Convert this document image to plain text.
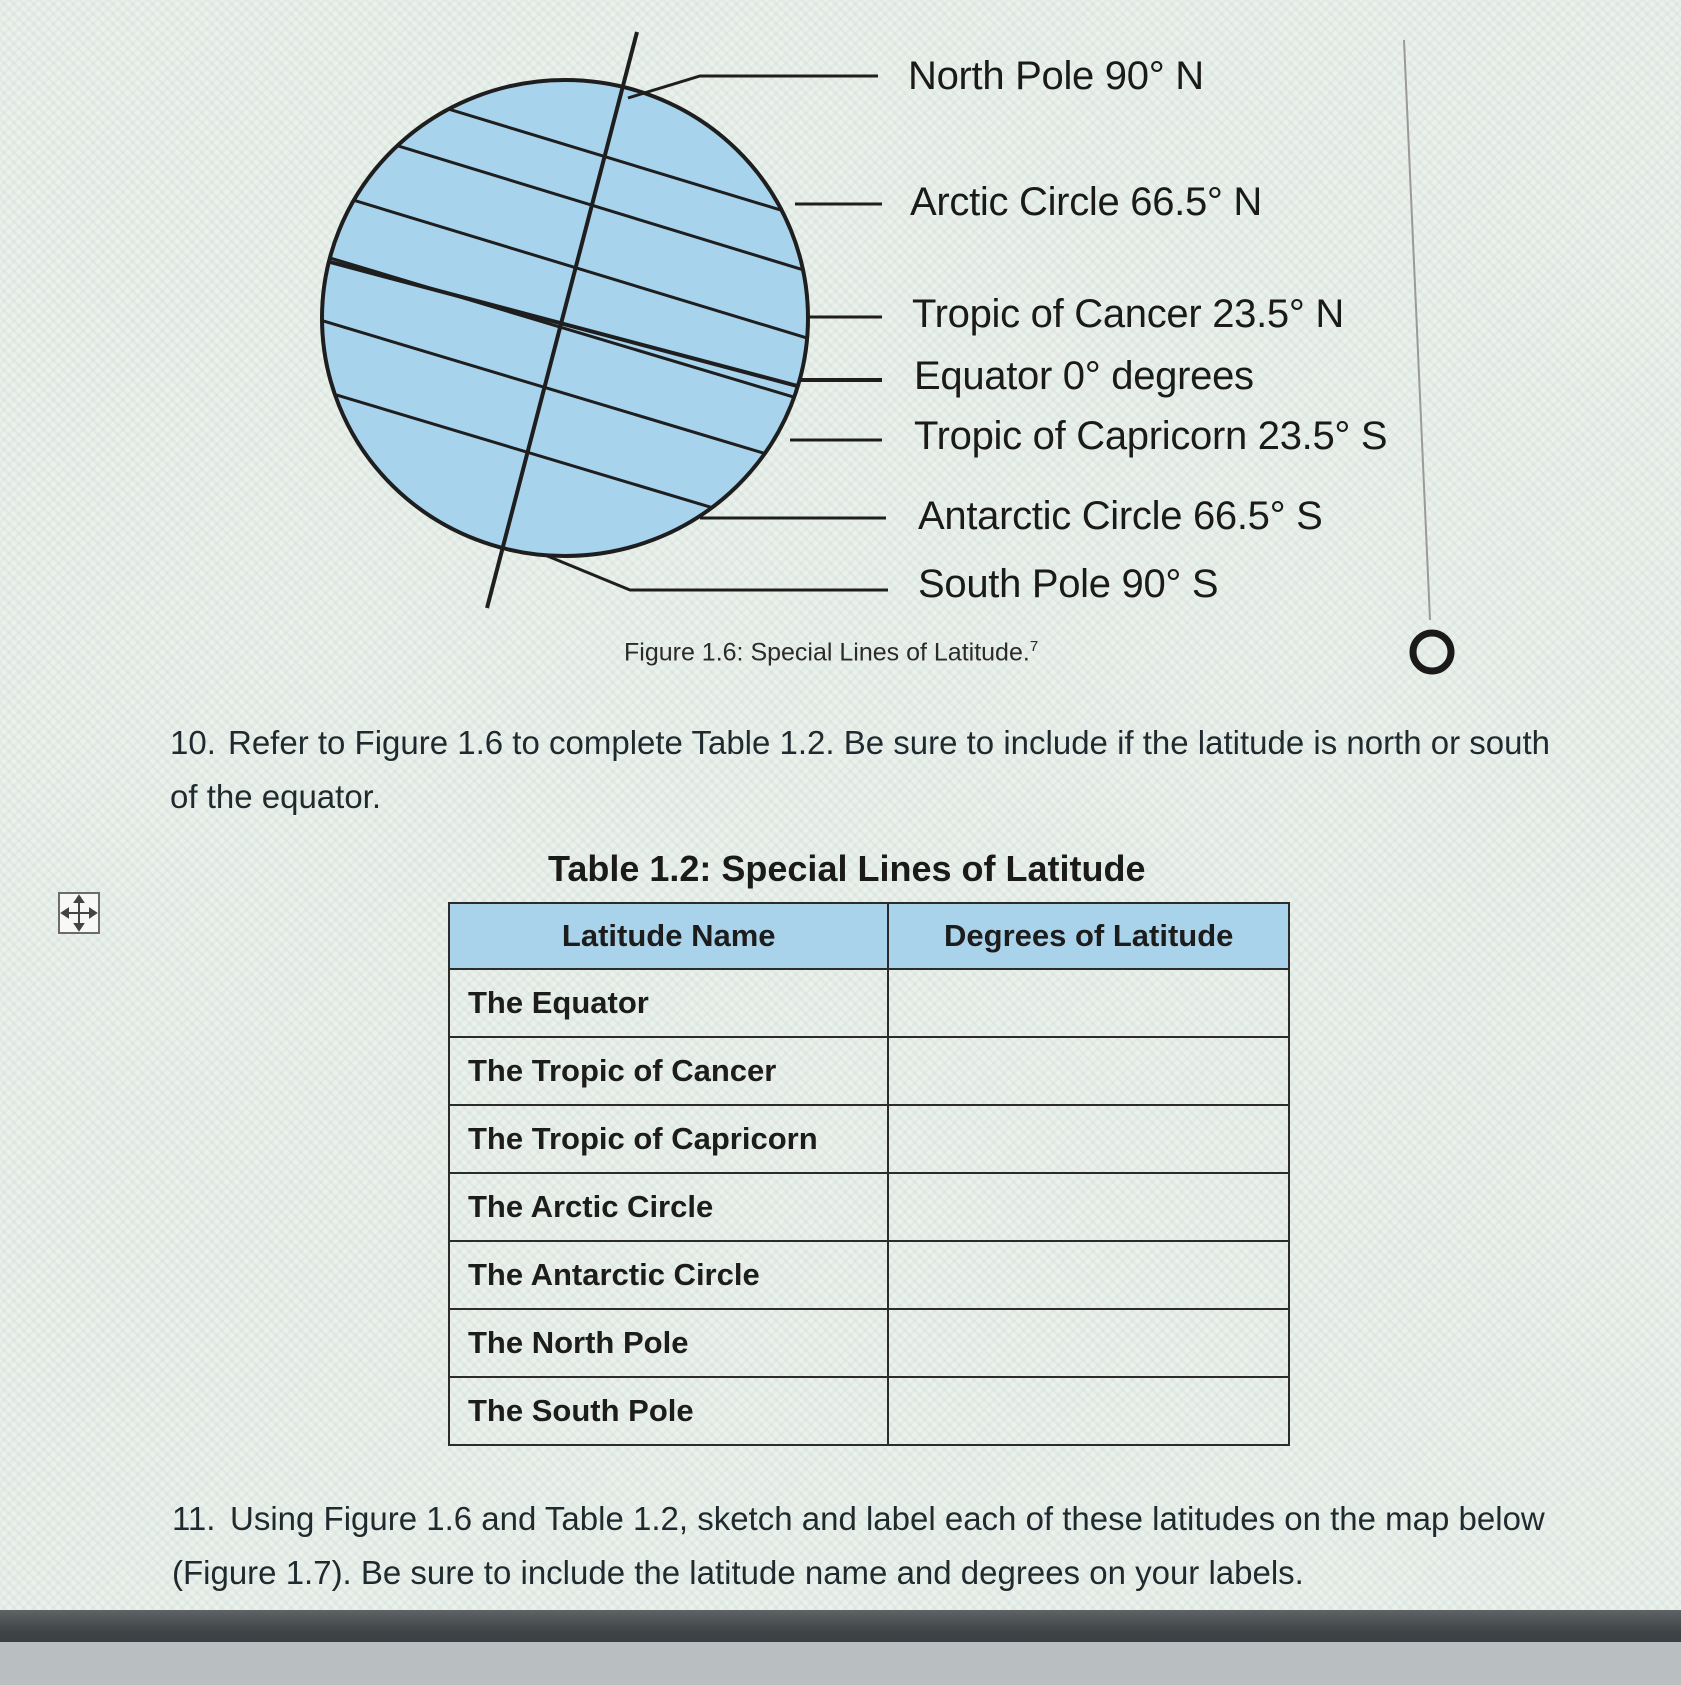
North Pole 90° N
Arctic Circle 66.5° N
Tropic of Cancer 23.5° N
Equator 0° degrees
Tropic of Capricorn 23.5° S
Antarctic Circle 66.5° S
South Pole 90° S
Figure 1.6: Special Lines of Latitude.$^7$
10. Refer to Figure 1.6 to complete Table 1.2. Be sure to include if the latitude is north or south of the equator.
Table 1.2: Special Lines of Latitude
Latitude Name	Degrees of Latitude
The Equator	
The Tropic of Cancer	
The Tropic of Capricorn	
The Arctic Circle	
The Antarctic Circle	
The North Pole	
The South Pole	
11. Using Figure 1.6 and Table 1.2, sketch and label each of these latitudes on the map below (Figure 1.7). Be sure to include the latitude name and degrees on your labels.
